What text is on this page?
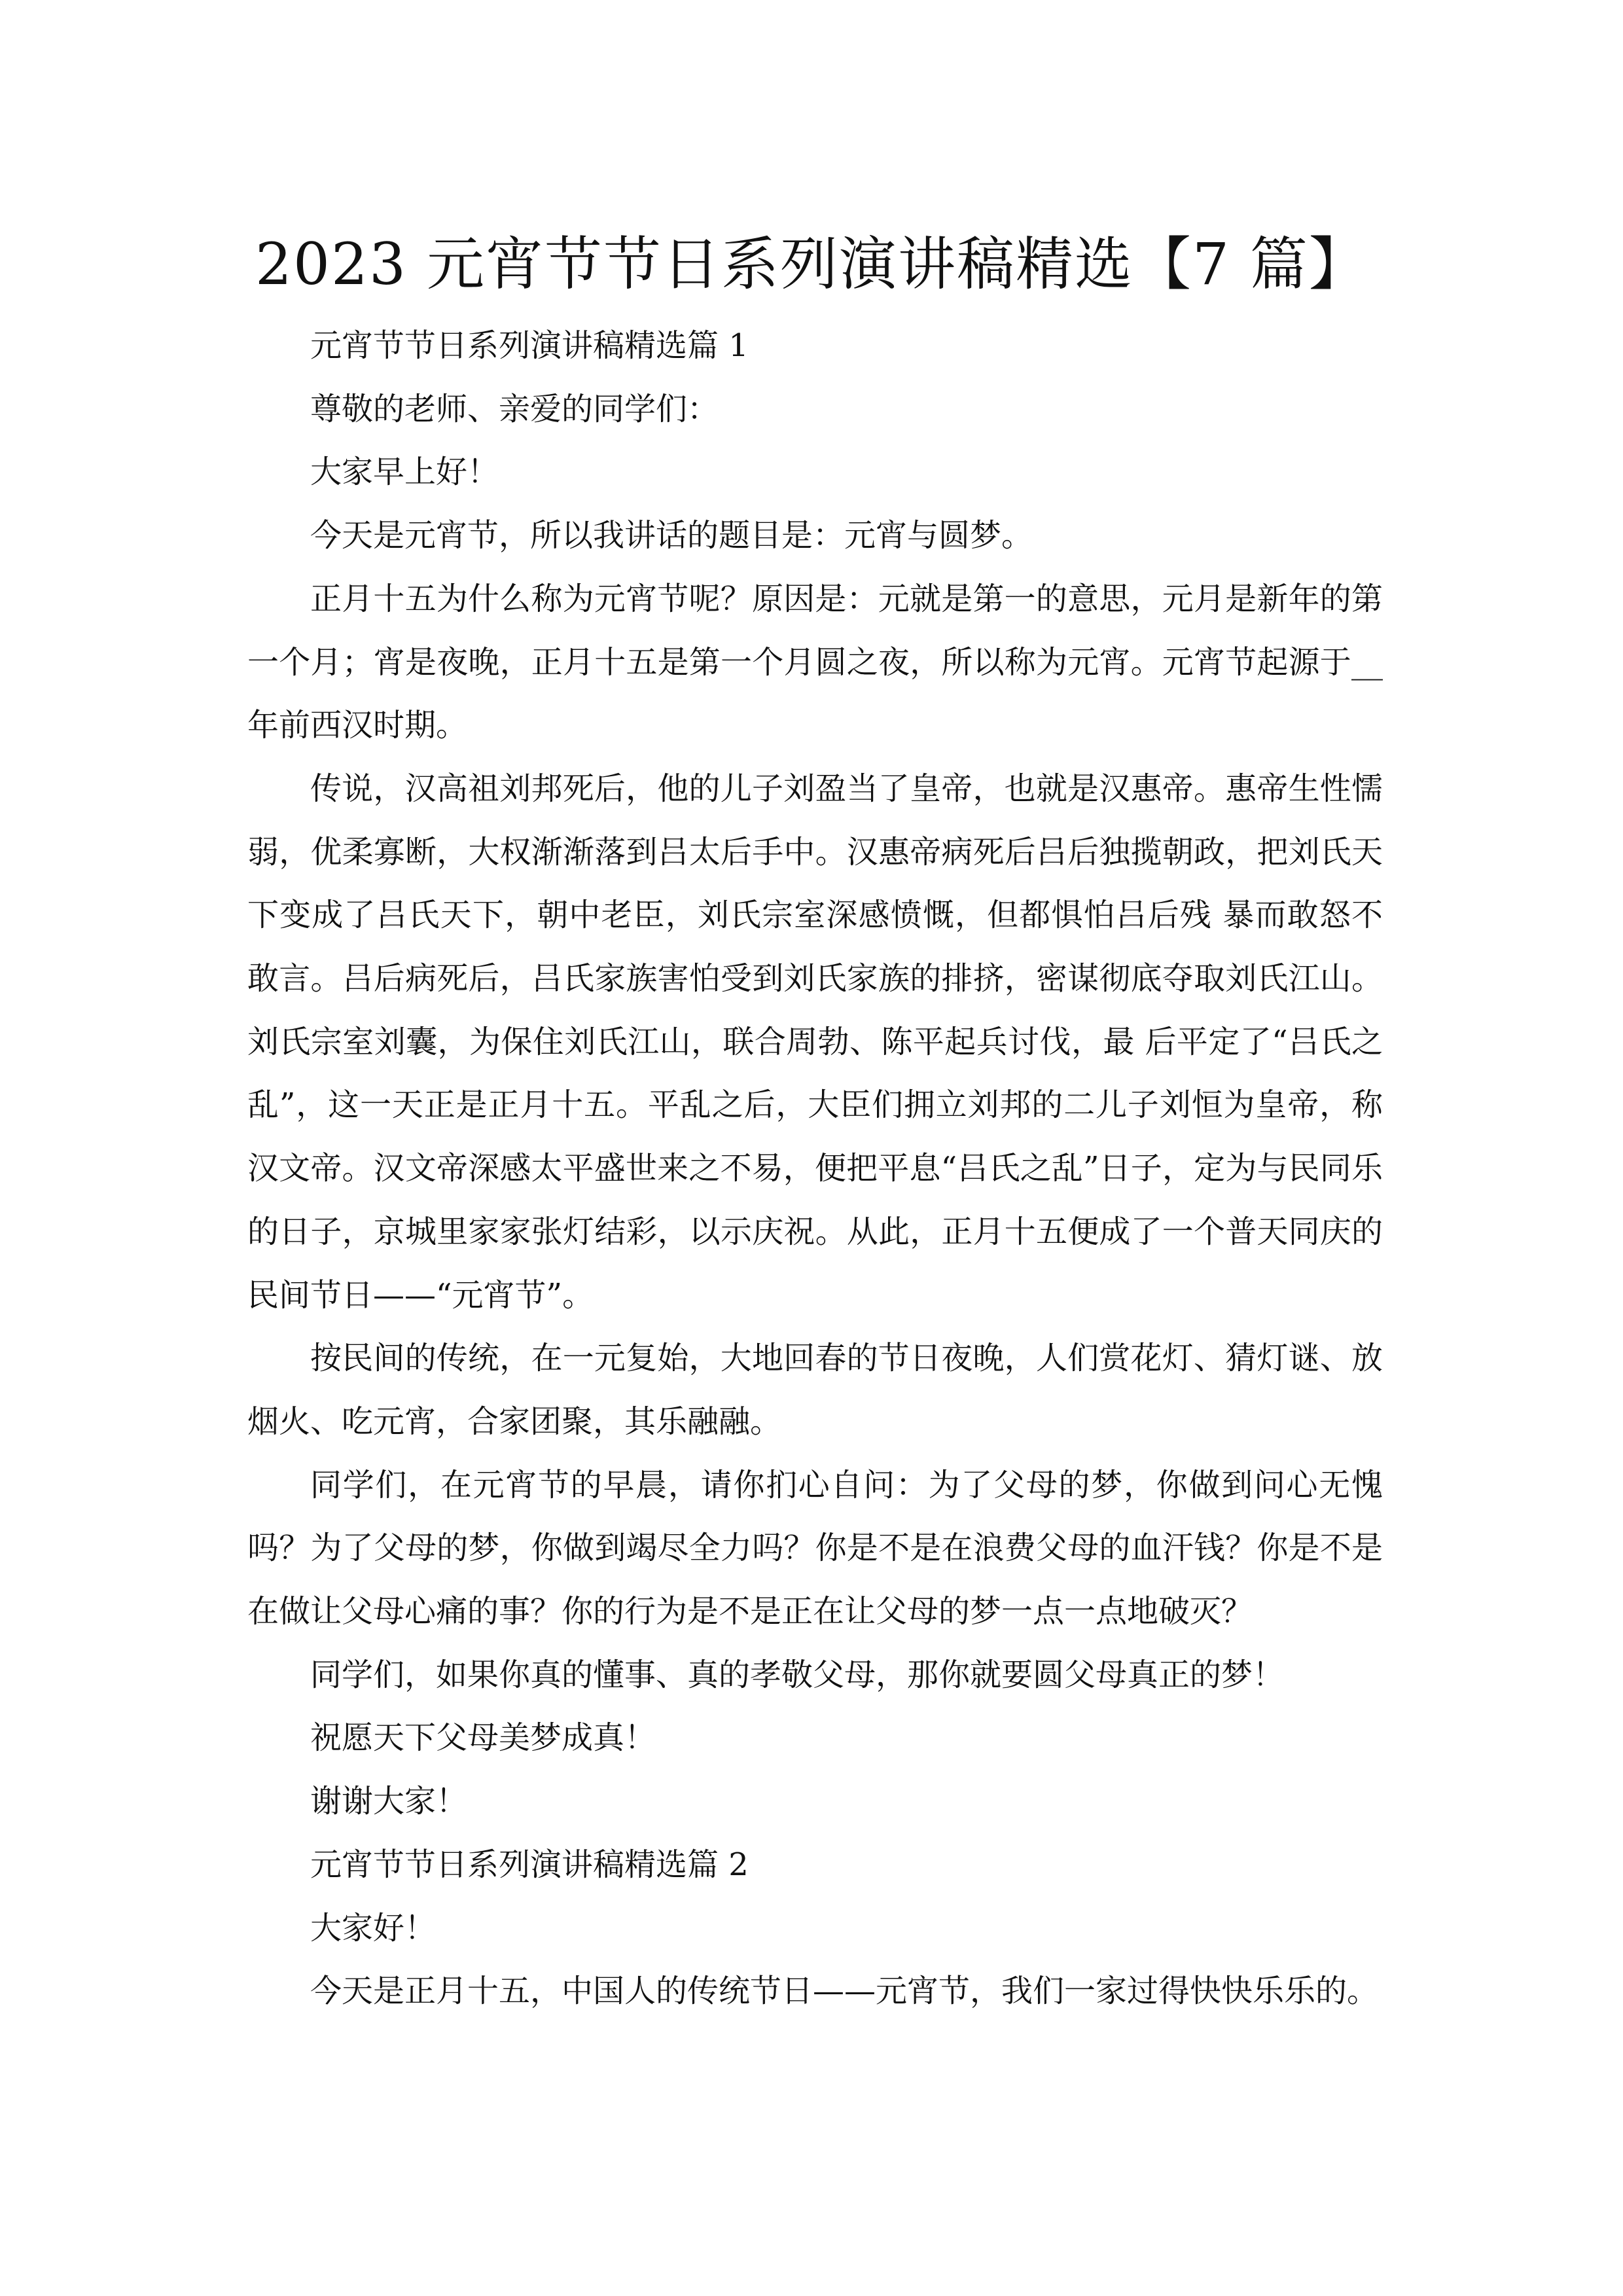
2023 元宵节节日系列演讲稿精选【7 篇】

元宵节节日系列演讲稿精选篇 1

尊敬的老师、亲爱的同学们：

大家早上好！

今天是元宵节，所以我讲话的题目是：元宵与圆梦。

正月十五为什么称为元宵节呢？原因是：元就是第一的意思，元月是新年的第一个月；宵是夜晚，正月十五是第一个月圆之夜，所以称为元宵。元宵节起源于__年前西汉时期。

传说，汉高祖刘邦死后，他的儿子刘盈当了皇帝，也就是汉惠帝。惠帝生性懦弱，优柔寡断，大权渐渐落到吕太后手中。汉惠帝病死后吕后独揽朝政，把刘氏天下变成了吕氏天下，朝中老臣，刘氏宗室深感愤慨，但都惧怕吕后残 暴而敢怒不敢言。吕后病死后，吕氏家族害怕受到刘氏家族的排挤，密谋彻底夺取刘氏江山。刘氏宗室刘囊，为保住刘氏江山，联合周勃、陈平起兵讨伐，最 后平定了“吕氏之乱”，这一天正是正月十五。平乱之后，大臣们拥立刘邦的二儿子刘恒为皇帝，称汉文帝。汉文帝深感太平盛世来之不易，便把平息“吕氏之乱”日子，定为与民同乐的日子，京城里家家张灯结彩，以示庆祝。从此，正月十五便成了一个普天同庆的民间节日——“元宵节”。

按民间的传统，在一元复始，大地回春的节日夜晚，人们赏花灯、猜灯谜、放烟火、吃元宵，合家团聚，其乐融融。

同学们，在元宵节的早晨，请你扪心自问：为了父母的梦，你做到问心无愧吗？为了父母的梦，你做到竭尽全力吗？你是不是在浪费父母的血汗钱？你是不是在做让父母心痛的事？你的行为是不是正在让父母的梦一点一点地破灭？

同学们，如果你真的懂事、真的孝敬父母，那你就要圆父母真正的梦！

祝愿天下父母美梦成真！

谢谢大家！

元宵节节日系列演讲稿精选篇 2

大家好！

今天是正月十五，中国人的传统节日——元宵节，我们一家过得快快乐乐的。
